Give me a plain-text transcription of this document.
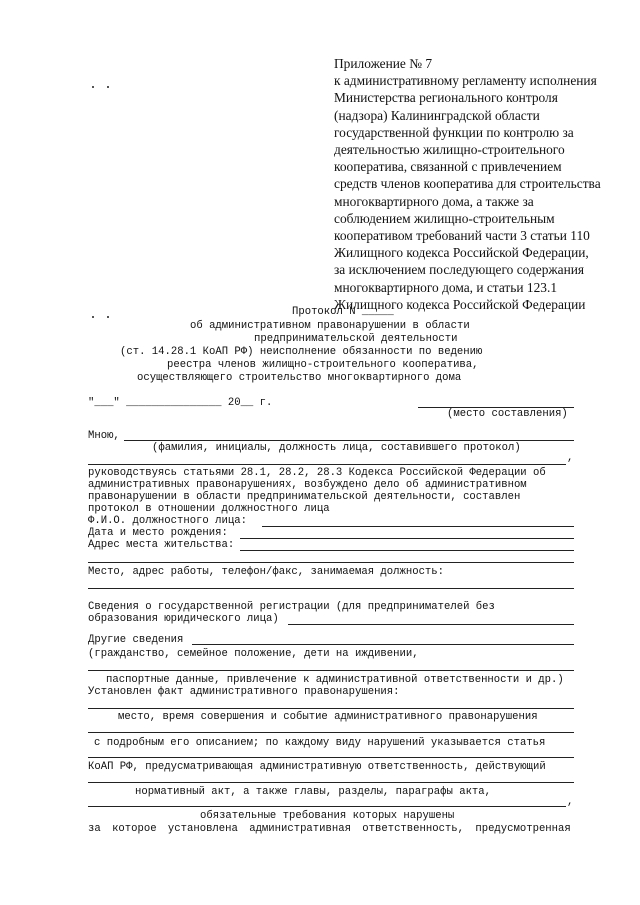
Приложение № 7
к административному регламенту исполнения
Министерства регионального контроля
(надзора) Калининградской области
государственной функции по контролю за
деятельностью жилищно-строительного
кооператива, связанной с привлечением
средств членов кооператива для строительства
многоквартирного дома, а также за
соблюдением жилищно-строительным
кооперативом требований части 3 статьи 110
Жилищного кодекса Российской Федерации,
за исключением последующего содержания
многоквартирного дома, и статьи 123.1
Жилищного кодекса Российской Федерации
Протокол N _____
об административном правонарушении в области
предпринимательской деятельности
(ст. 14.28.1 КоАП РФ) неисполнение обязанности по ведению
реестра членов жилищно-строительного кооператива,
осуществляющего строительство многоквартирного дома
"___" _______________ 20__ г.
(место составления)
Мною,
(фамилия, инициалы, должность лица, составившего протокол)
,
руководствуясь статьями 28.1, 28.2, 28.3 Кодекса Российской Федерации об
административных правонарушениях, возбуждено дело об административном
правонарушении в области предпринимательской деятельности, составлен
протокол в отношении должностного лица
Ф.И.О. должностного лица:
Дата и место рождения:
Адрес места жительства:
Место, адрес работы, телефон/факс, занимаемая должность:
Сведения о государственной регистрации (для предпринимателей без
образования юридического лица)
Другие сведения
(гражданство, семейное положение, дети на иждивении,
паспортные данные, привлечение к административной ответственности и др.)
Установлен факт административного правонарушения:
место, время совершения и событие административного правонарушения
с подробным его описанием; по каждому виду нарушений указывается статья
КоАП РФ, предусматривающая административную ответственность, действующий
нормативный акт, а также главы, разделы, параграфы акта,
,
обязательные требования которых нарушены
за которое установлена административная ответственность, предусмотренная
